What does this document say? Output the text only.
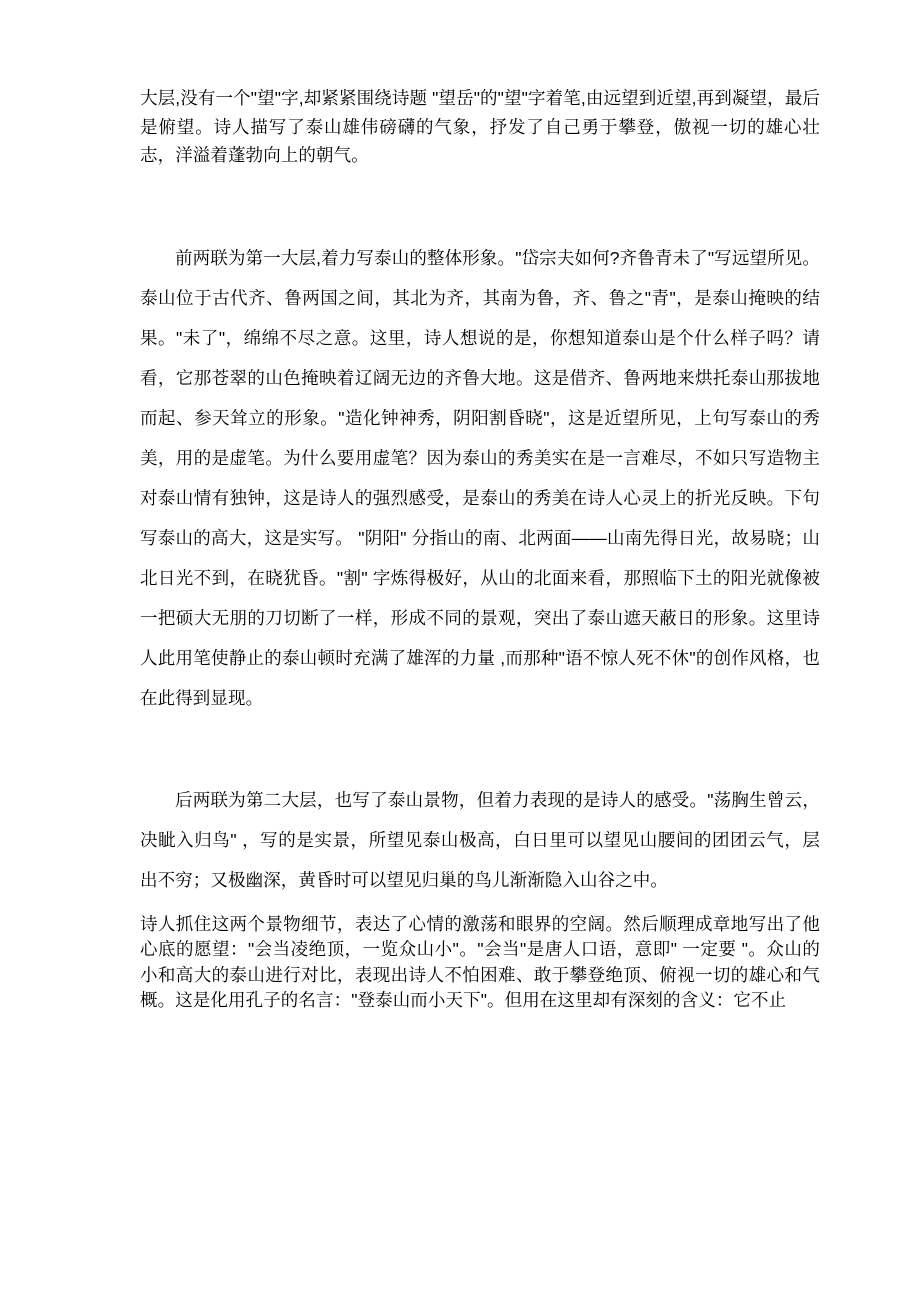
大层,没有一个"望"字,却紧紧围绕诗题 "望岳"的"望"字着笔,由远望到近望,再到凝望，最后是俯望。诗人描写了泰山雄伟磅礴的气象，抒发了自己勇于攀登，傲视一切的雄心壮志，洋溢着蓬勃向上的朝气。

前两联为第一大层,着力写泰山的整体形象。"岱宗夫如何?齐鲁青未了"写远望所见。泰山位于古代齐、鲁两国之间，其北为齐，其南为鲁，齐、鲁之"青"，是泰山掩映的结果。"未了"，绵绵不尽之意。这里，诗人想说的是，你想知道泰山是个什么样子吗？请看，它那苍翠的山色掩映着辽阔无边的齐鲁大地。这是借齐、鲁两地来烘托泰山那拔地而起、参天耸立的形象。"造化钟神秀，阴阳割昏晓"，这是近望所见，上句写泰山的秀美，用的是虚笔。为什么要用虚笔？因为泰山的秀美实在是一言难尽，不如只写造物主对泰山情有独钟，这是诗人的强烈感受，是泰山的秀美在诗人心灵上的折光反映。下句写泰山的高大，这是实写。 "阴阳" 分指山的南、北两面——山南先得日光，故易晓；山北日光不到，在晓犹昏。"割" 字炼得极好，从山的北面来看，那照临下土的阳光就像被一把硕大无朋的刀切断了一样，形成不同的景观，突出了泰山遮天蔽日的形象。这里诗人此用笔使静止的泰山顿时充满了雄浑的力量 ,而那种"语不惊人死不休"的创作风格，也在此得到显现。

后两联为第二大层，也写了泰山景物，但着力表现的是诗人的感受。"荡胸生曾云，决眦入归鸟" ，写的是实景，所望见泰山极高，白日里可以望见山腰间的团团云气，层出不穷；又极幽深，黄昏时可以望见归巢的鸟儿渐渐隐入山谷之中。

诗人抓住这两个景物细节，表达了心情的激荡和眼界的空阔。然后顺理成章地写出了他心底的愿望："会当凌绝顶，一览众山小"。"会当"是唐人口语，意即" 一定要 "。众山的小和高大的泰山进行对比，表现出诗人不怕困难、敢于攀登绝顶、俯视一切的雄心和气概。这是化用孔子的名言："登泰山而小天下"。但用在这里却有深刻的含义：它不止
